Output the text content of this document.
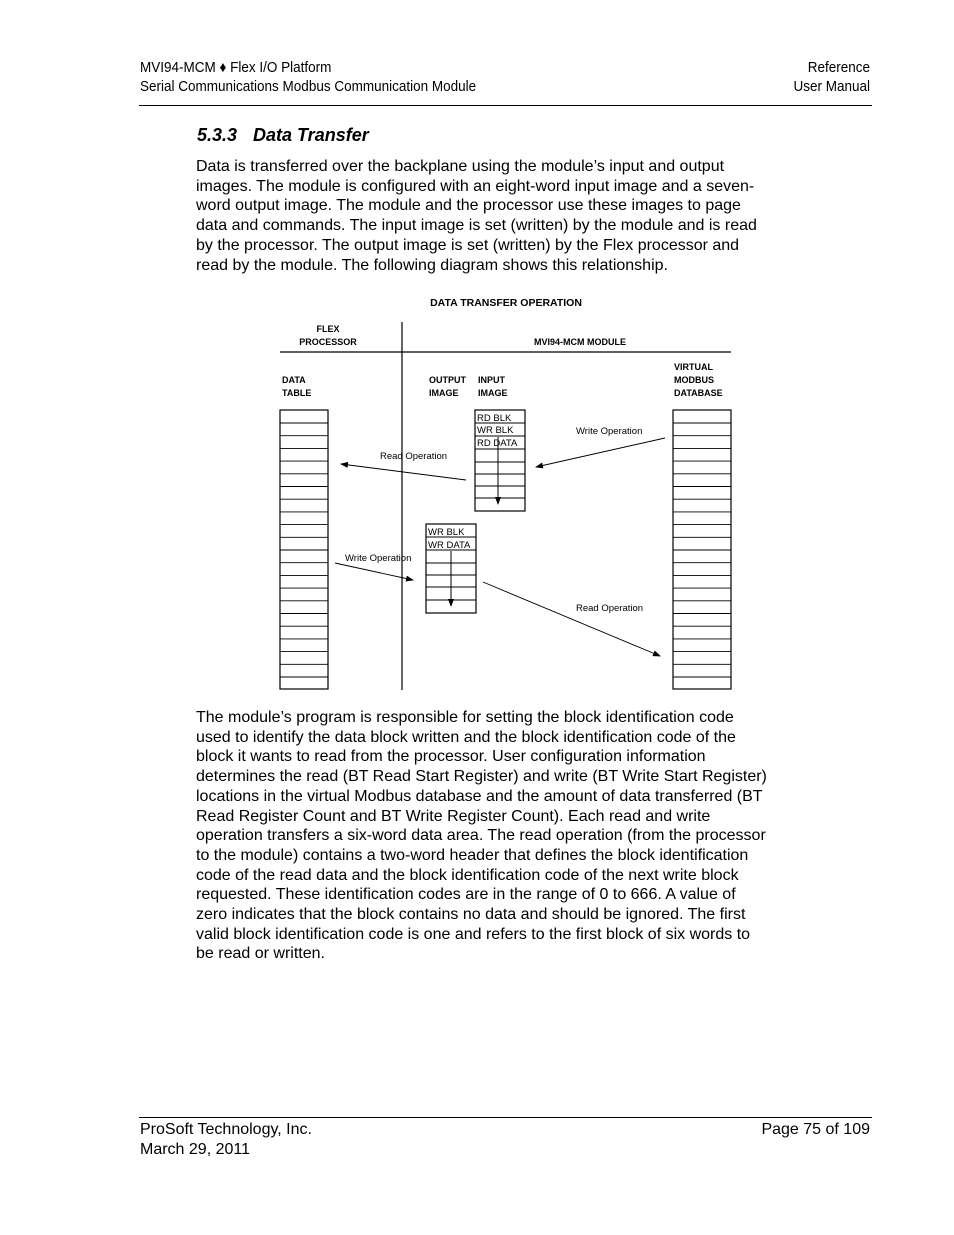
MVI94-MCM ♦ Flex I/O Platform
Serial Communications Modbus Communication Module
Reference
User Manual
5.3.3 Data Transfer
Data is transferred over the backplane using the module’s input and output
images. The module is configured with an eight-word input image and a seven-
word output image. The module and the processor use these images to page
data and commands. The input image is set (written) by the module and is read
by the processor. The output image is set (written) by the Flex processor and
read by the module. The following diagram shows this relationship.
DATA TRANSFER OPERATION
FLEX
PROCESSOR	MVI94-MCM MODULE
DATA
TABLE
OUTPUT
IMAGE
INPUT
IMAGE
VIRTUAL
MODBUS
DATABASE
RD BLK
WR BLK
RD DATA
WR BLK
WR DATA
Write Operation
Read Operation
Write Operation
Read Operation
The module’s program is responsible for setting the block identification code
used to identify the data block written and the block identification code of the
block it wants to read from the processor. User configuration information
determines the read (BT Read Start Register) and write (BT Write Start Register)
locations in the virtual Modbus database and the amount of data transferred (BT
Read Register Count and BT Write Register Count). Each read and write
operation transfers a six-word data area. The read operation (from the processor
to the module) contains a two-word header that defines the block identification
code of the read data and the block identification code of the next write block
requested. These identification codes are in the range of 0 to 666. A value of
zero indicates that the block contains no data and should be ignored. The first
valid block identification code is one and refers to the first block of six words to
be read or written.
ProSoft Technology, Inc.
March 29, 2011
Page 75 of 109
